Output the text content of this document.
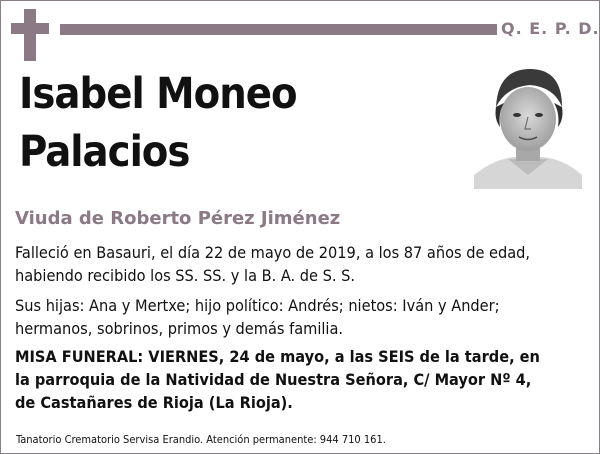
Q. E. P. D.
Isabel Moneo
Palacios
Viuda de Roberto Pérez Jiménez
Falleció en Basauri, el día 22 de mayo de 2019, a los 87 años de edad,
habiendo recibido los SS. SS. y la B. A. de S. S.
Sus hijas: Ana y Mertxe; hijo político: Andrés; nietos: Iván y Ander;
hermanos, sobrinos, primos y demás familia.
MISA FUNERAL: VIERNES, 24 de mayo, a las SEIS de la tarde, en
la parroquia de la Natividad de Nuestra Señora, C/ Mayor Nº 4,
de Castañares de Rioja (La Rioja).
Tanatorio Crematorio Servisa Erandio. Atención permanente: 944 710 161.
